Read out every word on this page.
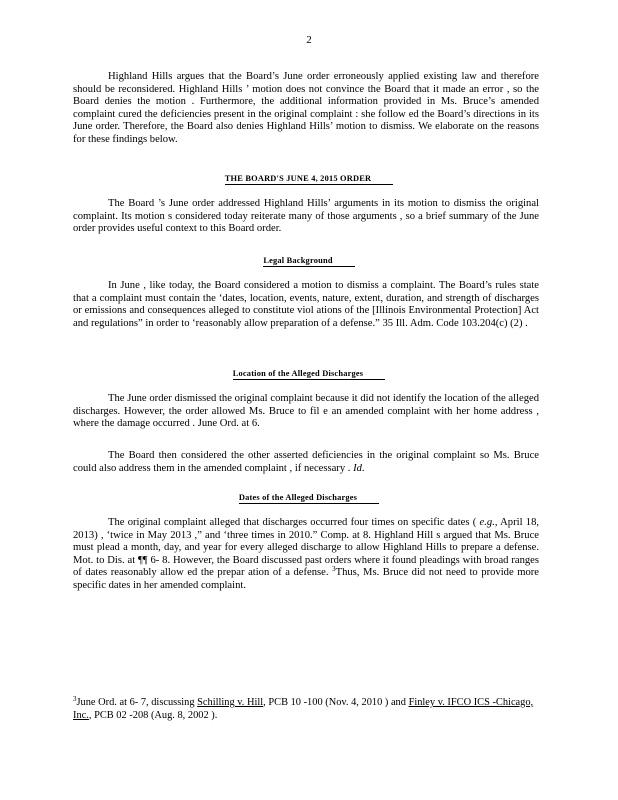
2

Highland Hills argues that the Board’s June order erroneously applied existing law and therefore should be reconsidered. Highland Hills ’ motion does not convince the Board that it made an error , so the Board denies the motion . Furthermore, the additional information provided in Ms. Bruce’s amended complaint cured the deficiencies present in the original complaint : she follow ed the Board’s directions in its June order. Therefore, the Board also denies Highland Hills’ motion to dismiss. We elaborate on the reasons for these findings below.

THE BOARD'S JUNE 4, 2015 ORDER

The Board ’s June order addressed Highland Hills’ arguments in its motion to dismiss the original complaint. Its motion s considered today reiterate many of those arguments , so a brief summary of the June order provides useful context to this Board order.

Legal Background

In June , like today, the Board considered a motion to dismiss a complaint. The Board’s rules state that a complaint must contain the ‘dates, location, events, nature, extent, duration, and strength of discharges or emissions and consequences alleged to constitute viol ations of the [Illinois Environmental Protection] Act and regulations” in order to ‘reasonably allow preparation of a defense.” 35 Ill. Adm. Code 103.204(c) (2) .

Location of the Alleged Discharges

The June order dismissed the original complaint because it did not identify the location of the alleged discharges. However, the order allowed Ms. Bruce to fil e an amended complaint with her home address , where the damage occurred . June Ord. at 6.

The Board then considered the other asserted deficiencies in the original complaint so Ms. Bruce could also address them in the amended complaint , if necessary . Id.

Dates of the Alleged Discharges

The original complaint alleged that discharges occurred four times on specific dates ( e.g., April 18, 2013) , ‘twice in May 2013 ,” and ‘three times in 2010.” Comp. at 8. Highland Hill s argued that Ms. Bruce must plead a month, day, and year for every alleged discharge to allow Highland Hills to prepare a defense. Mot. to Dis. at ¶¶ 6- 8. However, the Board discussed past orders where it found pleadings with broad ranges of dates reasonably allow ed the prepar ation of a defense. $^3$Thus, Ms. Bruce did not need to provide more specific dates in her amended complaint.

$^3$June Ord. at 6- 7, discussing Schilling v. Hill, PCB 10 -100 (Nov. 4, 2010 ) and Finley v. IFCO ICS -Chicago, Inc., PCB 02 -208 (Aug. 8, 2002 ).
